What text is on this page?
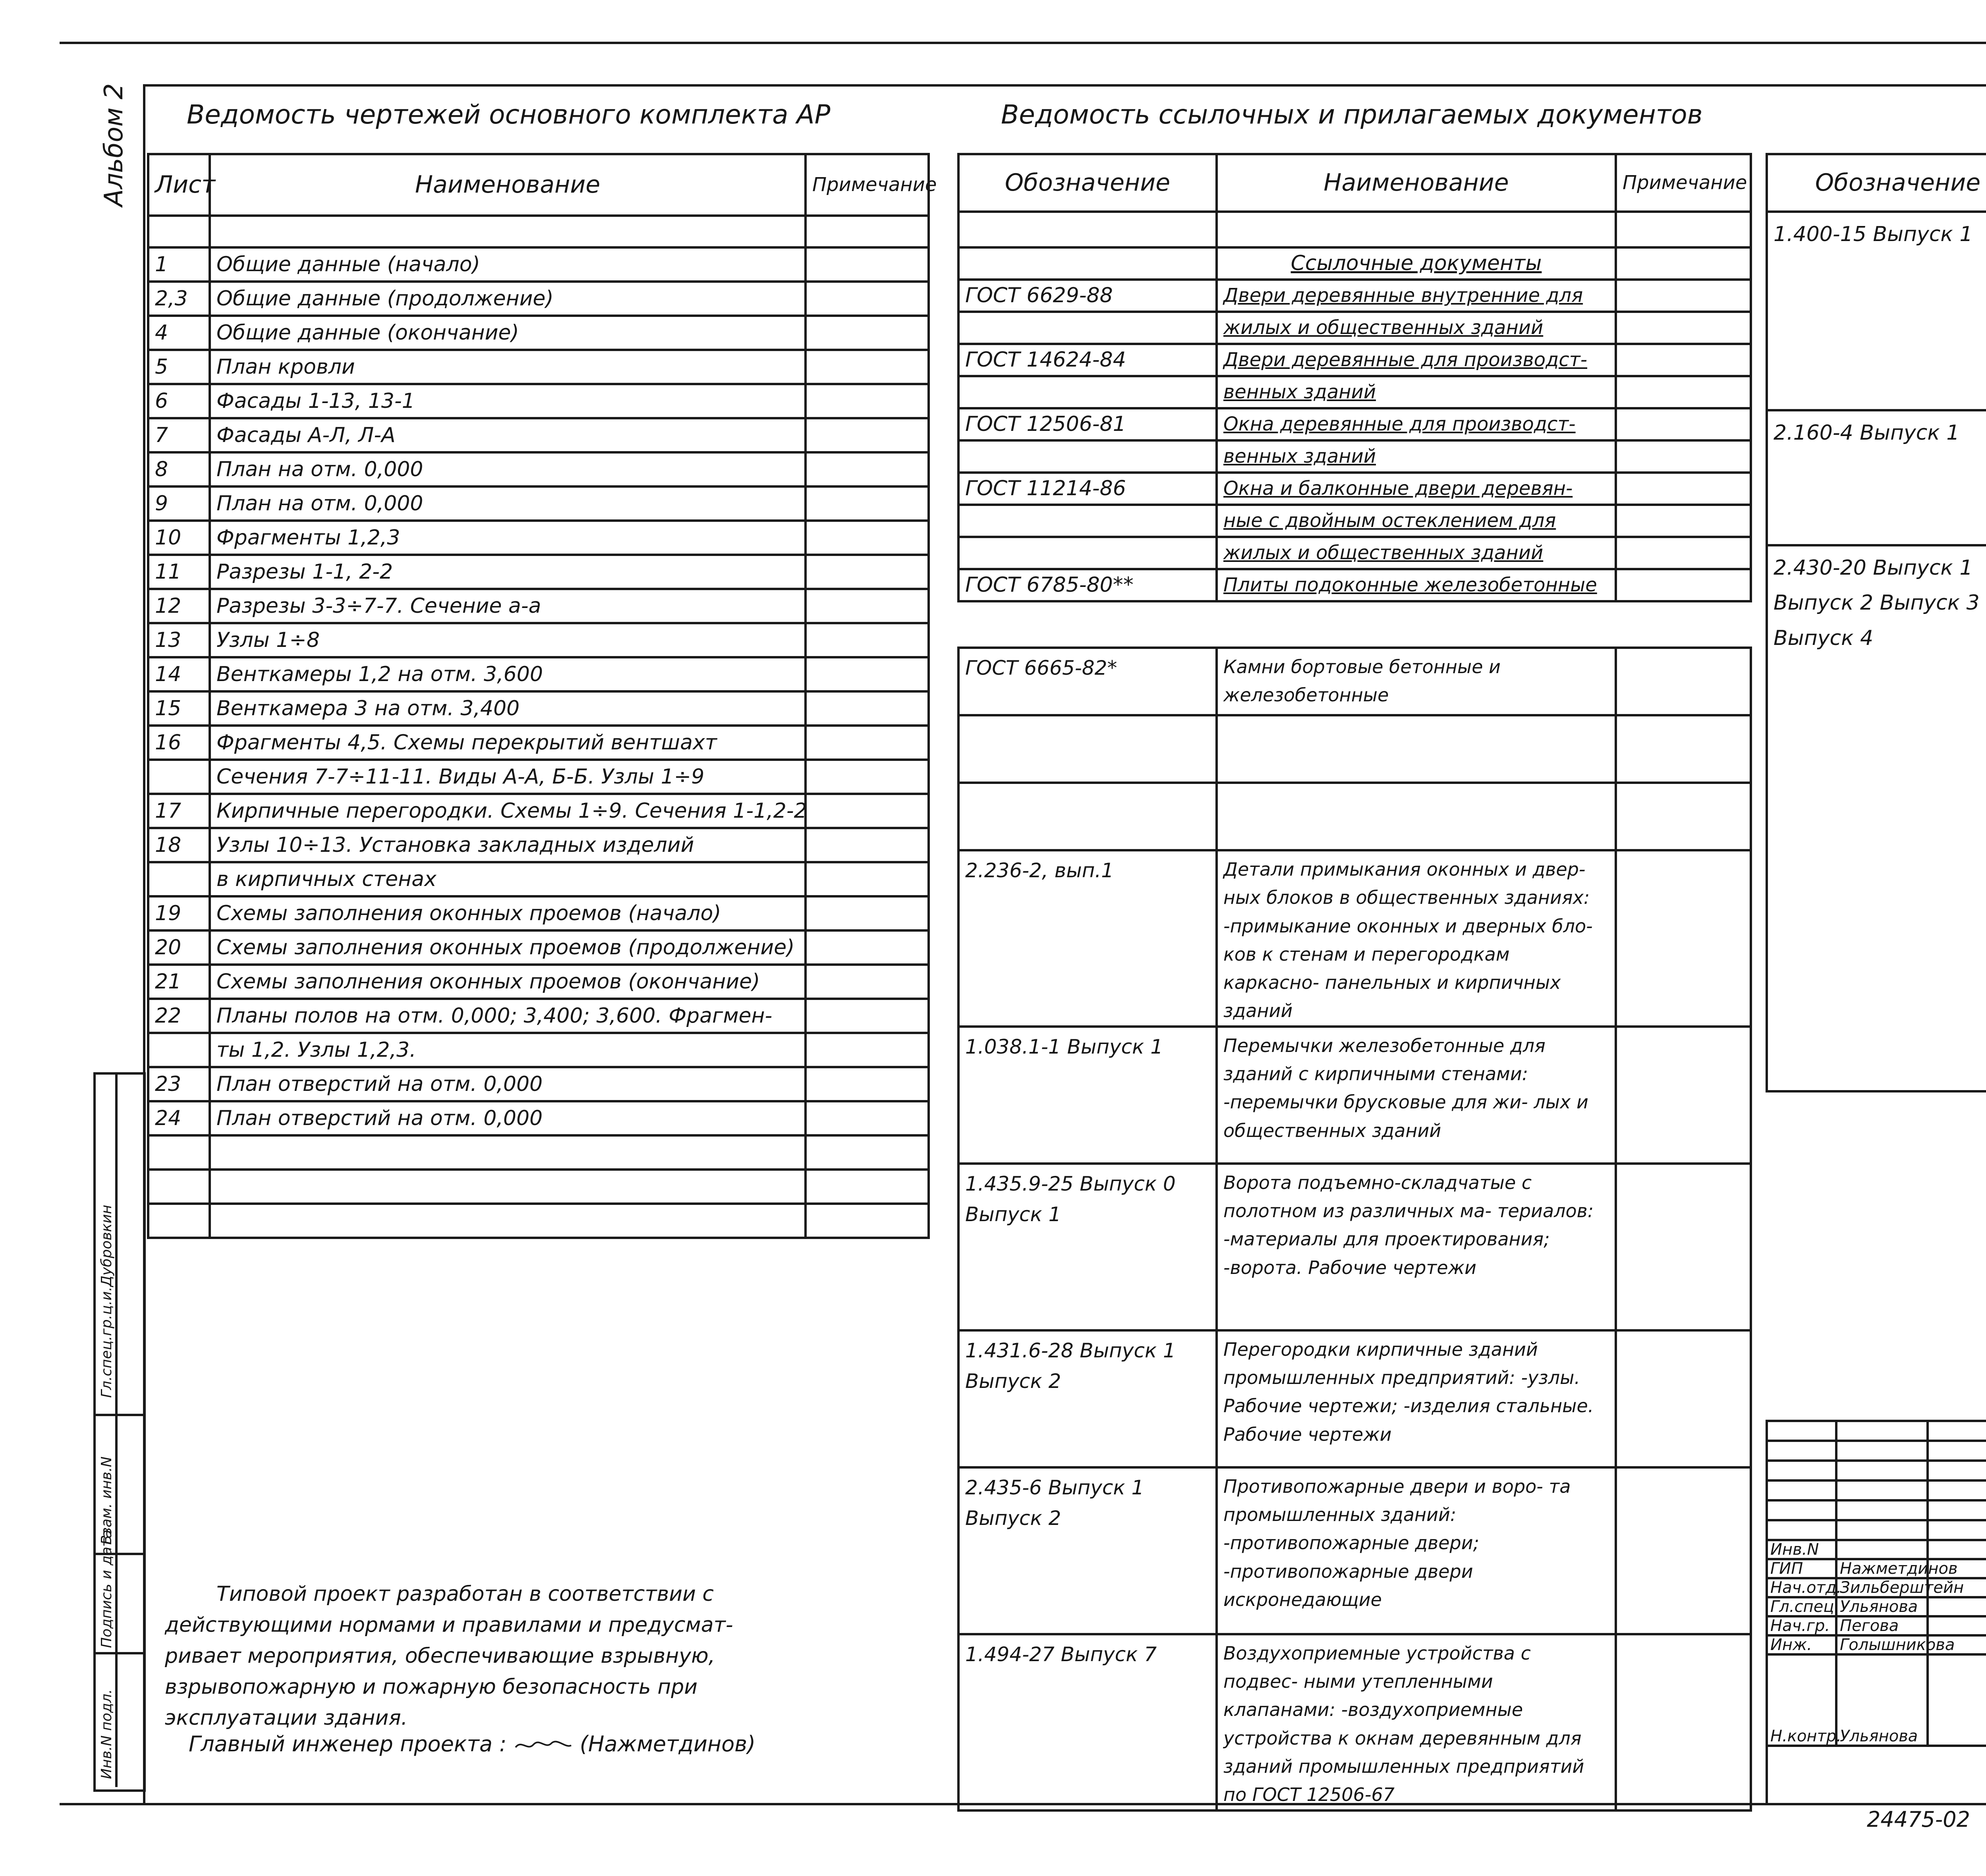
Альбом 2
Гл.спец.гр.ц.и.Дубровкин
Инв.N подл.
Подпись и дата
Взам. инв.N
Ведомость чертежей основного комплекта АР
Лист	Наименование	Примечание

1	Общие данные (начало)	
2,3	Общие данные (продолжение)	
4	Общие данные (окончание)	
5	План кровли	
6	Фасады 1-13, 13-1	
7	Фасады А-Л, Л-А	
8	План на отм. 0,000	
9	План на отм. 0,000	
10	Фрагменты 1,2,3	
11	Разрезы 1-1, 2-2	
12	Разрезы 3-3÷7-7. Сечение а-а	
13	Узлы 1÷8	
14	Венткамеры 1,2 на отм. 3,600	
15	Венткамера 3 на отм. 3,400	
16	Фрагменты 4,5. Схемы перекрытий вентшахт	
	Сечения 7-7÷11-11. Виды А-А, Б-Б. Узлы 1÷9	
17	Кирпичные перегородки. Схемы 1÷9. Сечения 1-1,2-2	
18	Узлы 10÷13. Установка закладных изделий	
	в кирпичных стенах	
19	Схемы заполнения оконных проемов (начало)	
20	Схемы заполнения оконных проемов (продолжение)	
21	Схемы заполнения оконных проемов (окончание)	
22	Планы полов на отм. 0,000; 3,400; 3,600. Фрагмен-	
	ты 1,2. Узлы 1,2,3.	
23	План отверстий на отм. 0,000	
24	План отверстий на отм. 0,000	

Ведомость ссылочных и прилагаемых документов
Обозначение	Наименование	Примечание

	Ссылочные документы	
ГОСТ 6629-88	Двери деревянные внутренние для	
	жилых и общественных зданий	
ГОСТ 14624-84	Двери деревянные для производст-	
	венных зданий	
ГОСТ 12506-81	Окна деревянные для производст-	
	венных зданий	
ГОСТ 11214-86	Окна и балконные двери деревян-	
	ные с двойным остеклением для	
	жилых и общественных зданий	
ГОСТ 6785-80**	Плиты подоконные железобетонные	
ГОСТ 6665-82*	Камни бортовые бетонные и железобетонные	

2.236-2, вып.1	Детали примыкания оконных и двер- ных блоков в общественных зданиях: -примыкание оконных и дверных бло- ков к стенам и перегородкам каркасно- панельных и кирпичных зданий	
1.038.1-1 Выпуск 1	Перемычки железобетонные для зданий с кирпичными стенами: -перемычки брусковые для жи- лых и общественных зданий	
1.435.9-25 Выпуск 0 Выпуск 1	Ворота подъемно-складчатые с полотном из различных ма- териалов: -материалы для проектирования; -ворота. Рабочие чертежи	
1.431.6-28 Выпуск 1 Выпуск 2	Перегородки кирпичные зданий промышленных предприятий: -узлы. Рабочие чертежи; -изделия стальные. Рабочие чертежи	
2.435-6 Выпуск 1 Выпуск 2	Противопожарные двери и воро- та промышленных зданий: -противопожарные двери; -противопожарные двери искронедающие	
1.494-27 Выпуск 7	Воздухоприемные устройства с подвес- ными утепленными клапанами: -воздухоприемные устройства к окнам деревянным для зданий промышленных предприятий по ГОСТ 12506-67	
Обозначение		
1.400-15 Выпуск 1		
2.160-4 Выпуск 1		
2.430-20 Выпуск 1 Выпуск 2 Выпуск 3 Выпуск 4		
Типовой проект разработан в соответствии с действующими нормами и правилами и предусмат- ривает мероприятия, обеспечивающие взрывную, взрывопожарную и пожарную безопасность при эксплуатации здания.
Главный инженер проекта :	(Нажметдинов)

Инв.N			
ГИП	Нажметдинов		
Нач.отд.	Зильберштейн		
Гл.спец.	Ульянова		
Нач.гр.	Пегова		
Инж.	Голышникова		
Н.контр.	Ульянова		
24475-02
